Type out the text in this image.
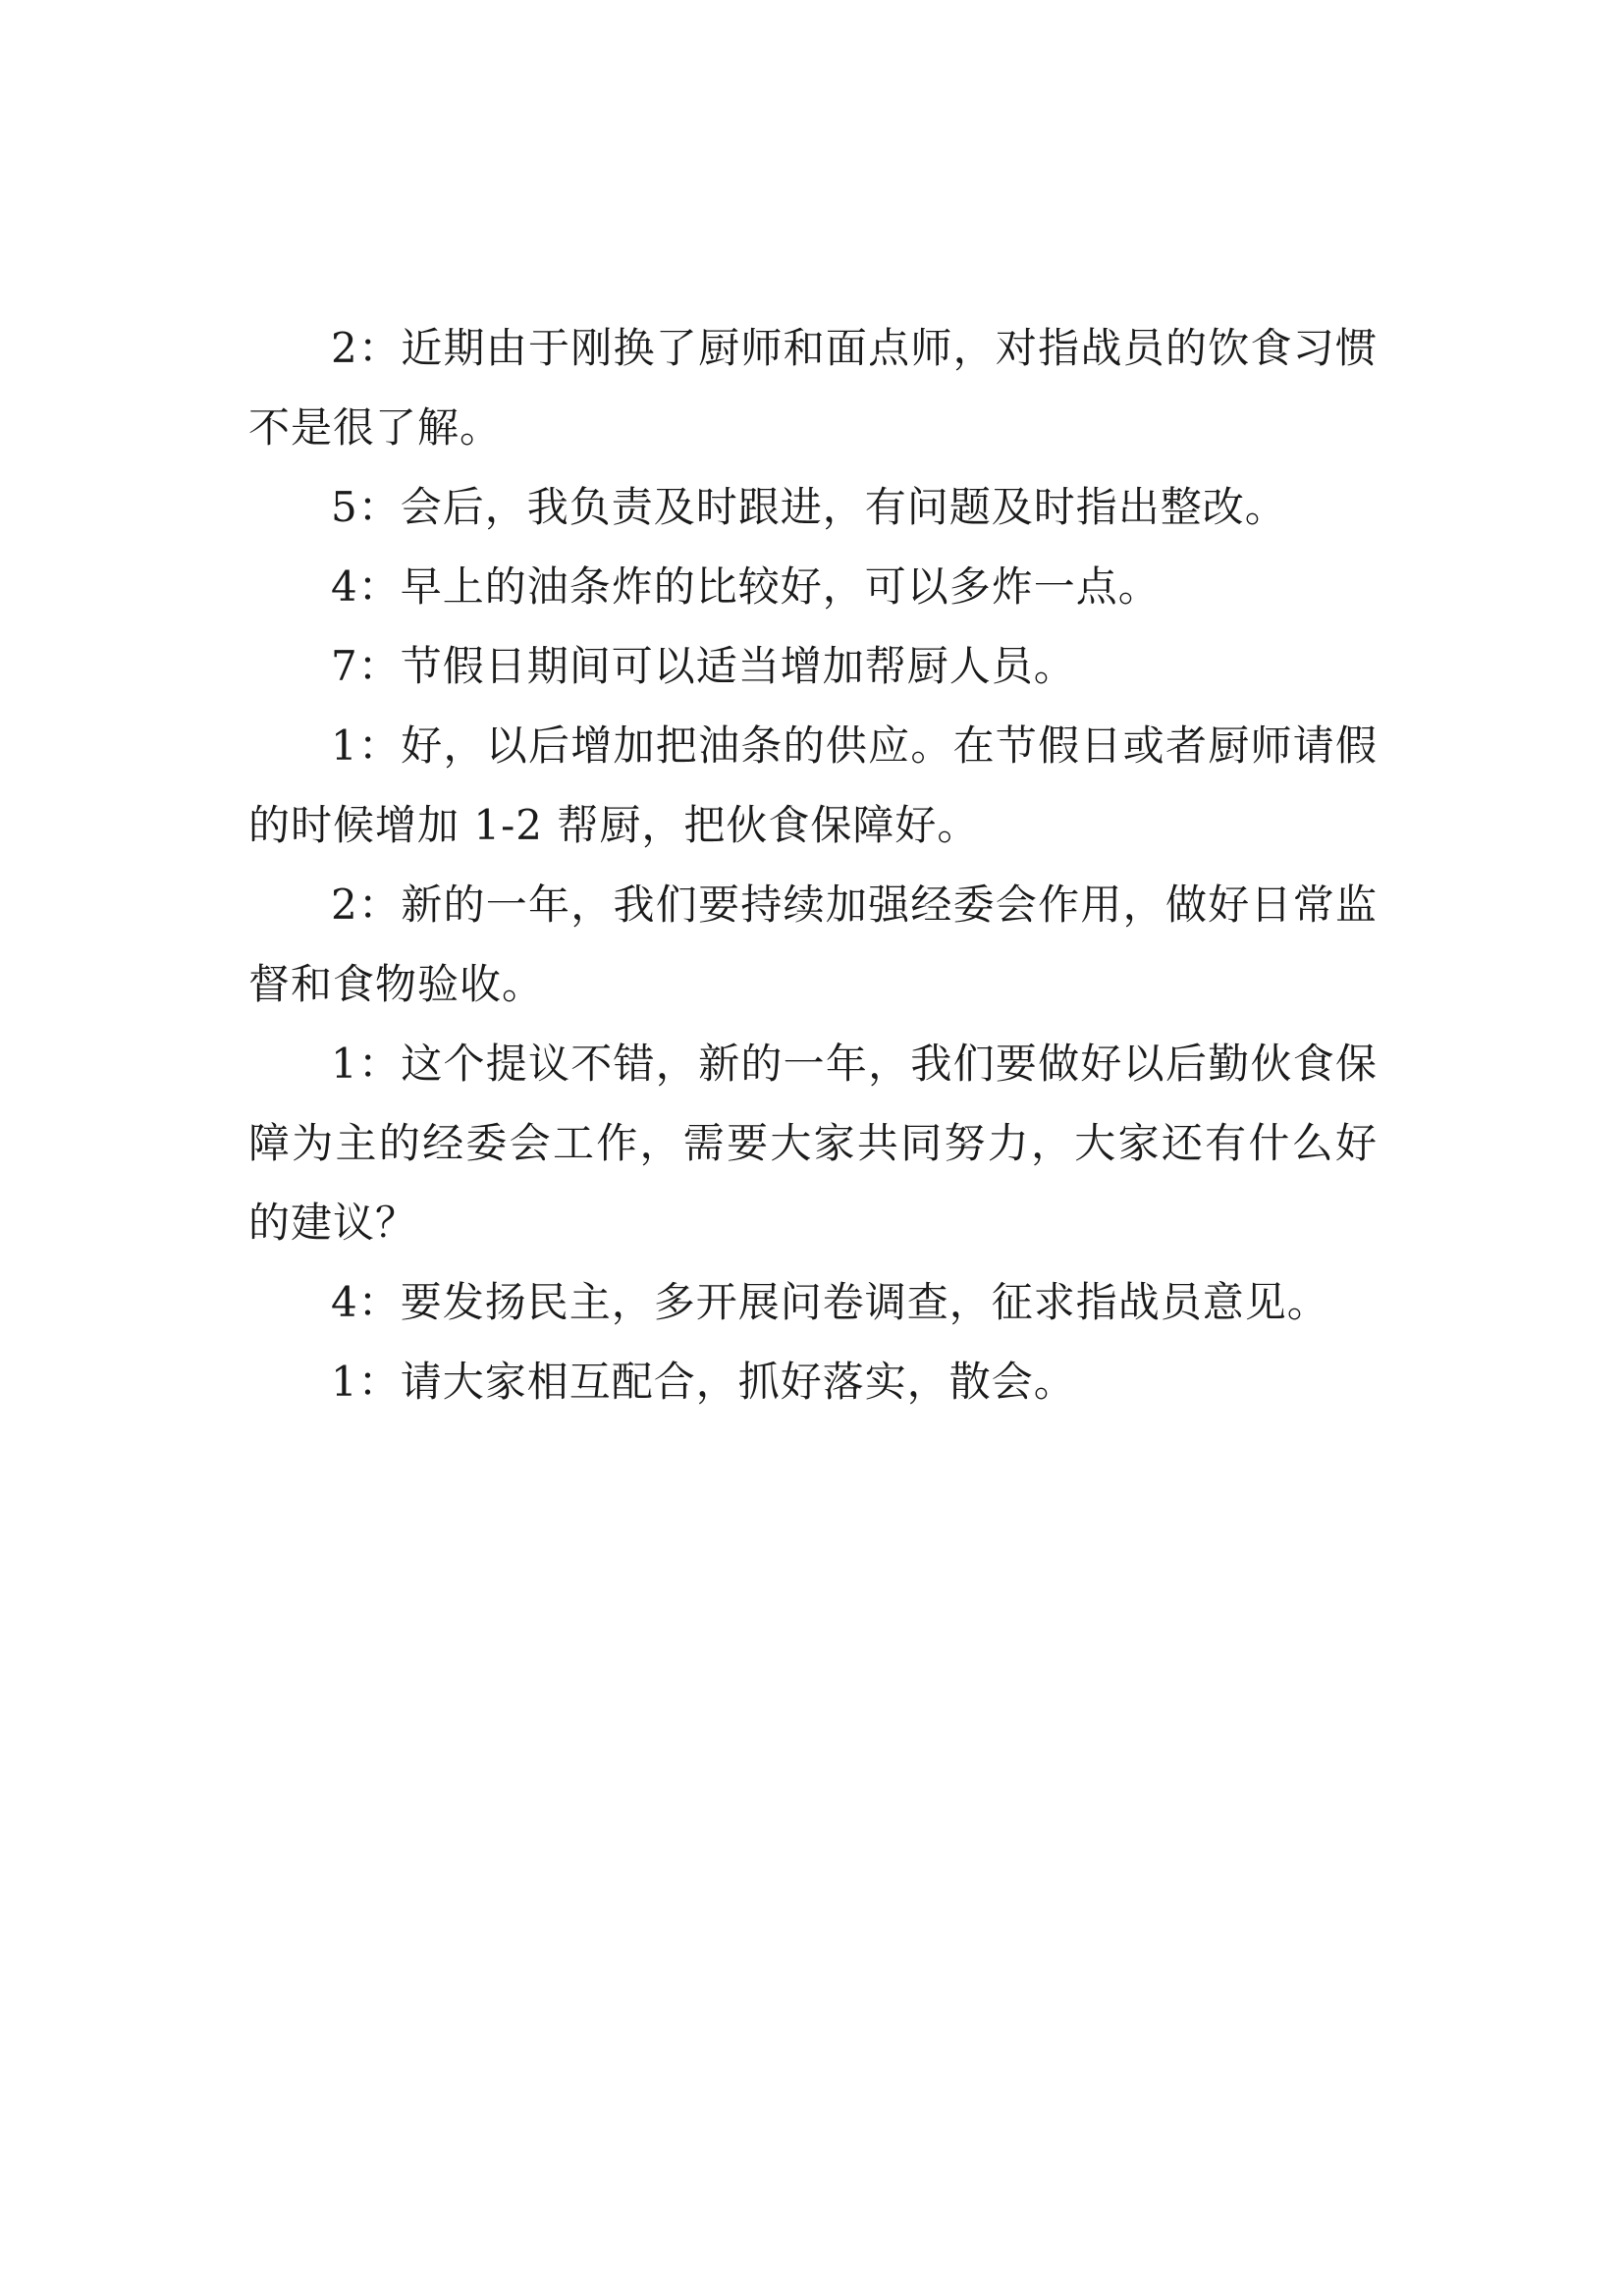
2：近期由于刚换了厨师和面点师，对指战员的饮食习惯不是很了解。

5：会后，我负责及时跟进，有问题及时指出整改。

4：早上的油条炸的比较好，可以多炸一点。

7：节假日期间可以适当增加帮厨人员。

1：好，以后增加把油条的供应。在节假日或者厨师请假的时候增加 1-2 帮厨，把伙食保障好。

2：新的一年，我们要持续加强经委会作用，做好日常监督和食物验收。

1：这个提议不错，新的一年，我们要做好以后勤伙食保障为主的经委会工作，需要大家共同努力，大家还有什么好的建议？

4：要发扬民主，多开展问卷调查，征求指战员意见。

1：请大家相互配合，抓好落实，散会。
